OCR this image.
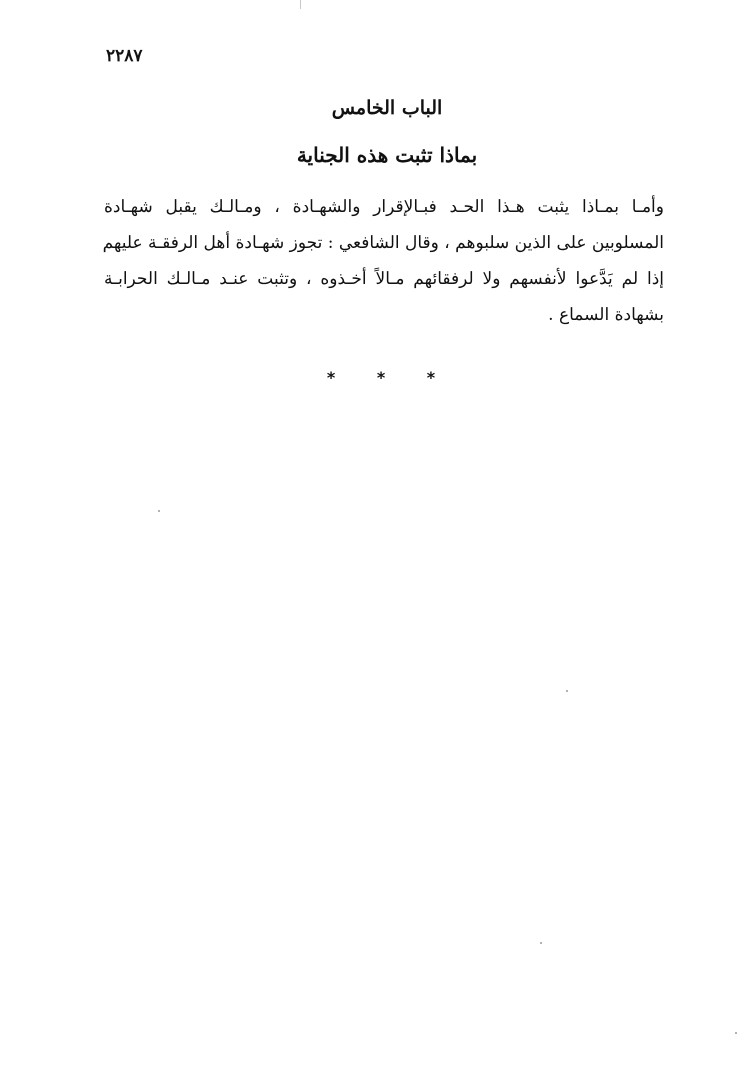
٢٢٨٧
الباب الخامس
بماذا تثبت هذه الجناية
وأمـا بمـاذا يثبت هـذا الحـد فبـالإقرار والشهـادة ، ومـالـك يقبل شهـادة
المسلوبين على الذين سلبوهم ، وقال الشافعي : تجوز شهـادة أهل الرفقـة عليهم
إذا لم يَدَّعوا لأنفسهم ولا لرفقائهم مـالاً أخـذوه ، وتثبت عنـد مـالـك الحرابـة
بشهادة السماع .
* * *
